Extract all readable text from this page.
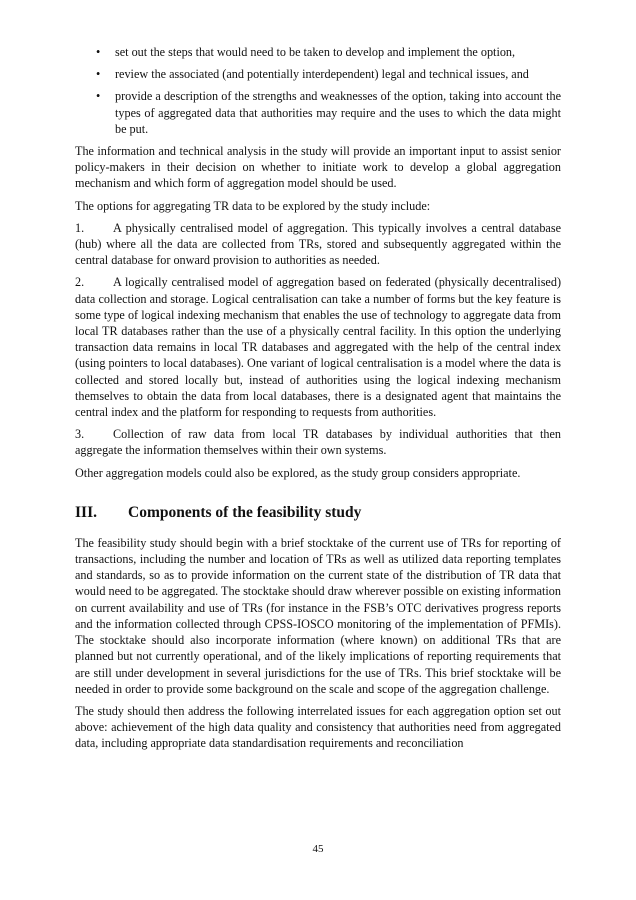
• set out the steps that would need to be taken to develop and implement the option,
• review the associated (and potentially interdependent) legal and technical issues, and
• provide a description of the strengths and weaknesses of the option, taking into account the types of aggregated data that authorities may require and the uses to which the data might be put.

The information and technical analysis in the study will provide an important input to assist senior policy-makers in their decision on whether to initiate work to develop a global aggregation mechanism and which form of aggregation model should be used.

The options for aggregating TR data to be explored by the study include:

1. A physically centralised model of aggregation. This typically involves a central database (hub) where all the data are collected from TRs, stored and subsequently aggregated within the central database for onward provision to authorities as needed.

2. A logically centralised model of aggregation based on federated (physically decentralised) data collection and storage. Logical centralisation can take a number of forms but the key feature is some type of logical indexing mechanism that enables the use of technology to aggregate data from local TR databases rather than the use of a physically central facility. In this option the underlying transaction data remains in local TR databases and aggregated with the help of the central index (using pointers to local databases). One variant of logical centralisation is a model where the data is collected and stored locally but, instead of authorities using the logical indexing mechanism themselves to obtain the data from local databases, there is a designated agent that maintains the central index and the platform for responding to requests from authorities.

3. Collection of raw data from local TR databases by individual authorities that then aggregate the information themselves within their own systems.

Other aggregation models could also be explored, as the study group considers appropriate.

III.	Components of the feasibility study

The feasibility study should begin with a brief stocktake of the current use of TRs for reporting of transactions, including the number and location of TRs as well as utilized data reporting templates and standards, so as to provide information on the current state of the distribution of TR data that would need to be aggregated. The stocktake should draw wherever possible on existing information on current availability and use of TRs (for instance in the FSB’s OTC derivatives progress reports and the information collected through CPSS-IOSCO monitoring of the implementation of PFMIs). The stocktake should also incorporate information (where known) on additional TRs that are planned but not currently operational, and of the likely implications of reporting requirements that are still under development in several jurisdictions for the use of TRs. This brief stocktake will be needed in order to provide some background on the scale and scope of the aggregation challenge.

The study should then address the following interrelated issues for each aggregation option set out above: achievement of the high data quality and consistency that authorities need from aggregated data, including appropriate data standardisation requirements and reconciliation

45
